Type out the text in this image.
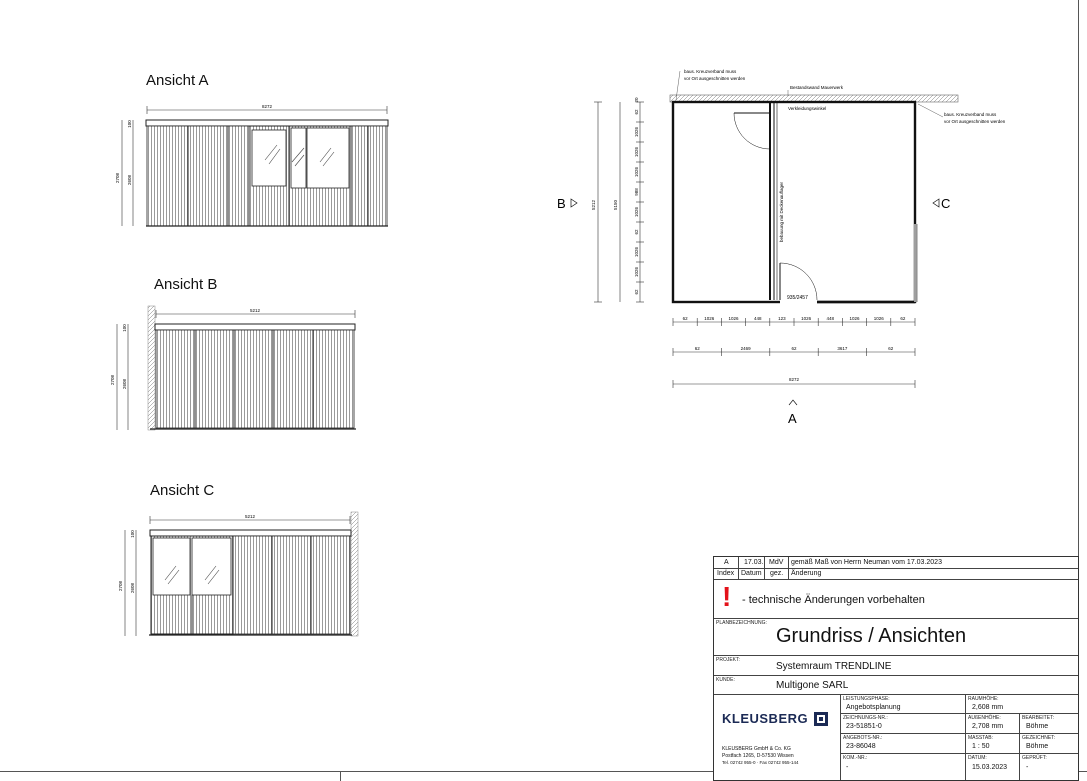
Ansicht A
Ansicht B
Ansicht C
8272
2708 2608
100
5212
2708 2608
100
5212
2708 2608
100
Bestandswand Mauerwerk
935/2457
Verkleidungswinkel
bebauung mit Deckenauflager
baus. Kreuzverband muss
vor Ort ausgeschnitten werden
baus. Kreuzverband muss
vor Ort ausgeschnitten werden
B	C
A
5212	5150
62
1026
1026
1026
988
1026
62
1026
1026
62
20
62	1026	1026	448	123	1026	448	1026	1026	62
62	2469	62	3617	62
8272
A 17.03. MdV gemäß Maß von Herrn Neuman vom 17.03.2023
Index Datum gez. Änderung
! - technische Änderungen vorbehalten
PLANBEZEICHNUNG:
Grundriss / Ansichten
PROJEKT:
Systemraum TRENDLINE
KUNDE:	Multigone SARL
KLEUSBERG
KLEUSBERG GmbH & Co. KG
Postfach 1265, D-57530 Wissen
Tel. 02742 955-0 · Fax 02742 955-144
LEISTUNGSPHASE:
Angebotsplanung
ZEICHNUNGS-NR.:
23-51851-0
ANGEBOTS-NR.:
23-86048
KOM.-NR.:
-
RAUMHÖHE:
2,608 mm
AUßENHÖHE:
2,708 mm
MASSTAB:
1 : 50
DATUM:
15.03.2023
BEARBEITET:
Böhme
GEZEICHNET:
Böhme
GEPRÜFT:
-
